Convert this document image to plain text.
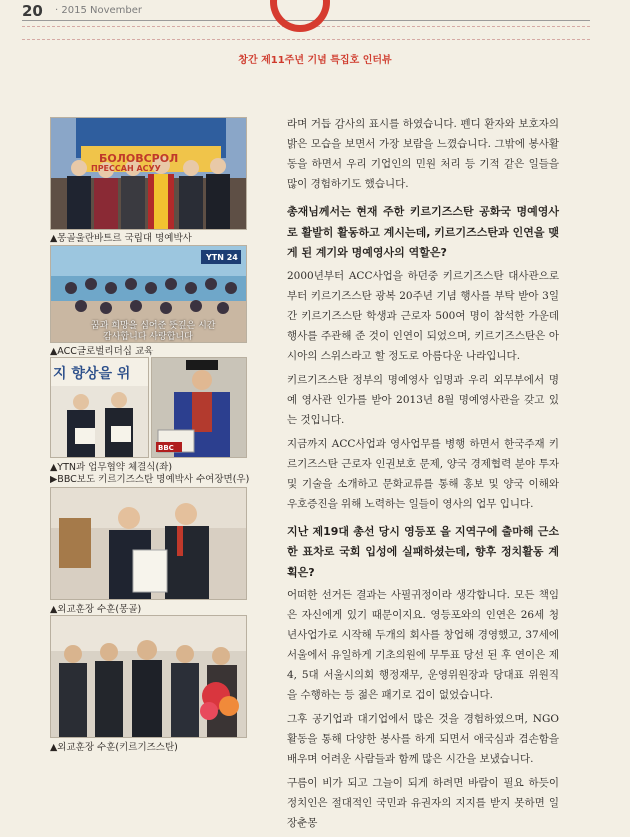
20 · 2015 November
창간 제11주년 기념 특집호 인터뷰
БОЛОВСРОЛ
ПРЕССАН АСУУ
▲몽골울란바트르 국립대 명예박사
YTN 24
꿈과 희망을 심어준 뜻깊은 시간
감사합니다 사랑합니다
▲ACC글로벌리더십 교육
지 향상을 위
BBC
▲YTN과 업무협약 체결식(좌)
▶BBC보도 키르기즈스탄 명예박사 수여장면(우)
▲외교훈장 수훈(몽골)
▲외교훈장 수훈(키르기즈스탄)

라며 거듭 감사의 표시를 하였습니다. 펜디 환자와 보호자의 밝은 모습을 보면서 가장 보람을 느꼈습니다. 그밖에 봉사활동을 하면서 우리 기업인의 민원 처리 등 기적 같은 일들을 많이 경험하기도 했습니다.

총재님께서는 현재 주한 키르기즈스탄 공화국 명예영사로 활발히 활동하고 계시는데, 키르기즈스탄과 인연을 맺게 된 계기와 명예영사의 역할은?

2000년부터 ACC사업을 하던중 키르기즈스탄 대사관으로부터 키르기즈스탄 광복 20주년 기념 행사를 부탁 받아 3일간 키르기즈스탄 학생과 근로자 500여 명이 참석한 가운데 행사를 주관해 준 것이 인연이 되었으며, 키르기즈스탄은 아시아의 스위스라고 할 정도로 아름다운 나라입니다.

키르기즈스탄 정부의 명예영사 임명과 우리 외무부에서 명예 영사관 인가를 받아 2013년 8월 명예영사관을 갖고 있는 것입니다.

지금까지 ACC사업과 영사업무를 병행 하면서 한국주재 키르기즈스탄 근로자 인권보호 문제, 양국 경제협력 분야 투자 및 기술을 소개하고 문화교류를 통해 홍보 및 양국 이해와 우호증진을 위해 노력하는 일들이 영사의 업무 입니다.

지난 제19대 총선 당시 영등포 을 지역구에 출마해 근소한 표차로 국회 입성에 실패하셨는데, 향후 정치활동 계획은?

어떠한 선거든 결과는 사필귀정이라 생각합니다. 모든 책임은 자신에게 있기 때문이지요. 영등포와의 인연은 26세 청년사업가로 시작해 두개의 회사를 창업해 경영했고, 37세에 서울에서 유일하게 기초의원에 무투표 당선 된 후 연이은 제4, 5대 서울시의회 행정재무, 운영위원장과 당대표 위원직을 수행하는 등 젊은 패기로 겁이 없었습니다.

그후 공기업과 대기업에서 많은 것을 경험하였으며, NGO활동을 통해 다양한 봉사를 하게 되면서 애국심과 겸손함을 배우며 어려운 사람들과 함께 많은 시간을 보냈습니다.

구름이 비가 되고 그늘이 되게 하려면 바람이 필요 하듯이 정치인은 절대적인 국민과 유권자의 지지를 받지 못하면 일장춘몽
